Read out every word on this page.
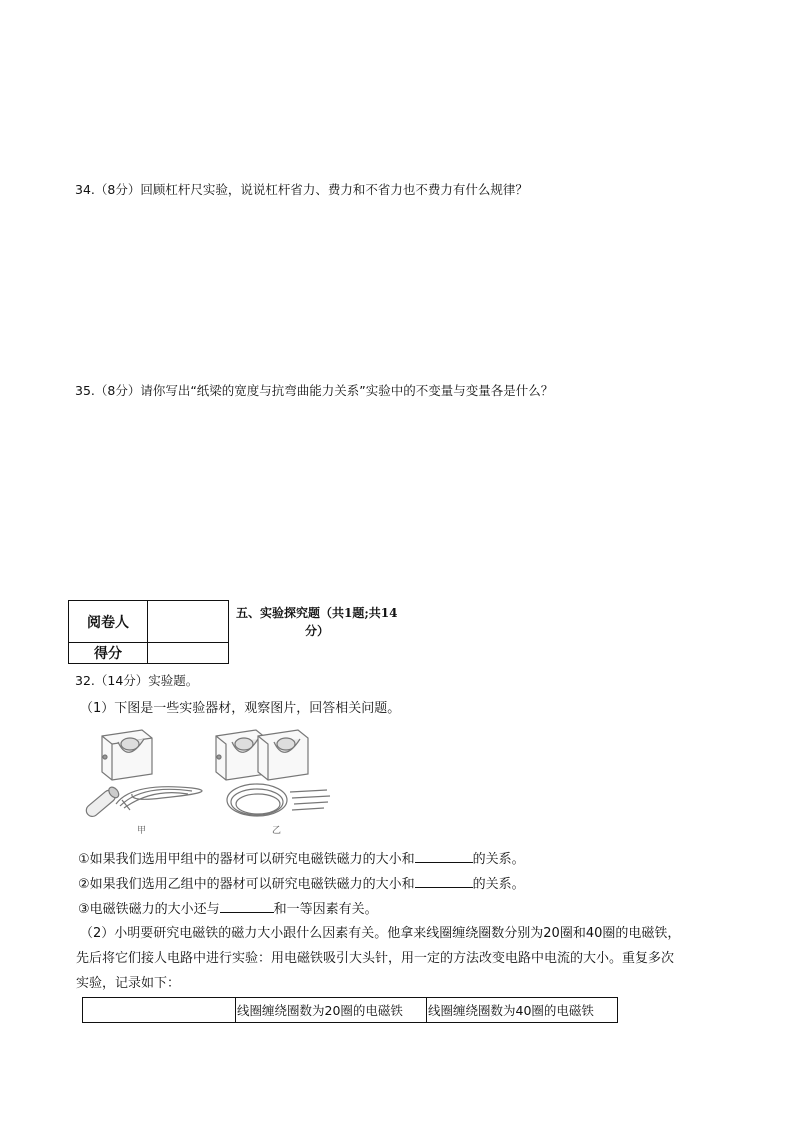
34.（8分）回顾杠杆尺实验，说说杠杆省力、费力和不省力也不费力有什么规律？
35.（8分）请你写出“纸梁的宽度与抗弯曲能力关系”实验中的不变量与变量各是什么？
阅卷人	
得分	
五、实验探究题（共1题;共14
分）
32.（14分）实验题。
（1）下图是一些实验器材，观察图片，回答相关问题。
甲	乙
①如果我们选用甲组中的器材可以研究电磁铁磁力的大小和	的关系。
②如果我们选用乙组中的器材可以研究电磁铁磁力的大小和	的关系。
③电磁铁磁力的大小还与	和一等因素有关。
（2）小明要研究电磁铁的磁力大小跟什么因素有关。他拿来线圈缠绕圈数分别为20圈和40圈的电磁铁，
先后将它们接人电路中进行实验：用电磁铁吸引大头针，用一定的方法改变电路中电流的大小。重复多次
实验，记录如下：
	线圈缠绕圈数为20圈的电磁铁	线圈缠绕圈数为40圈的电磁铁
